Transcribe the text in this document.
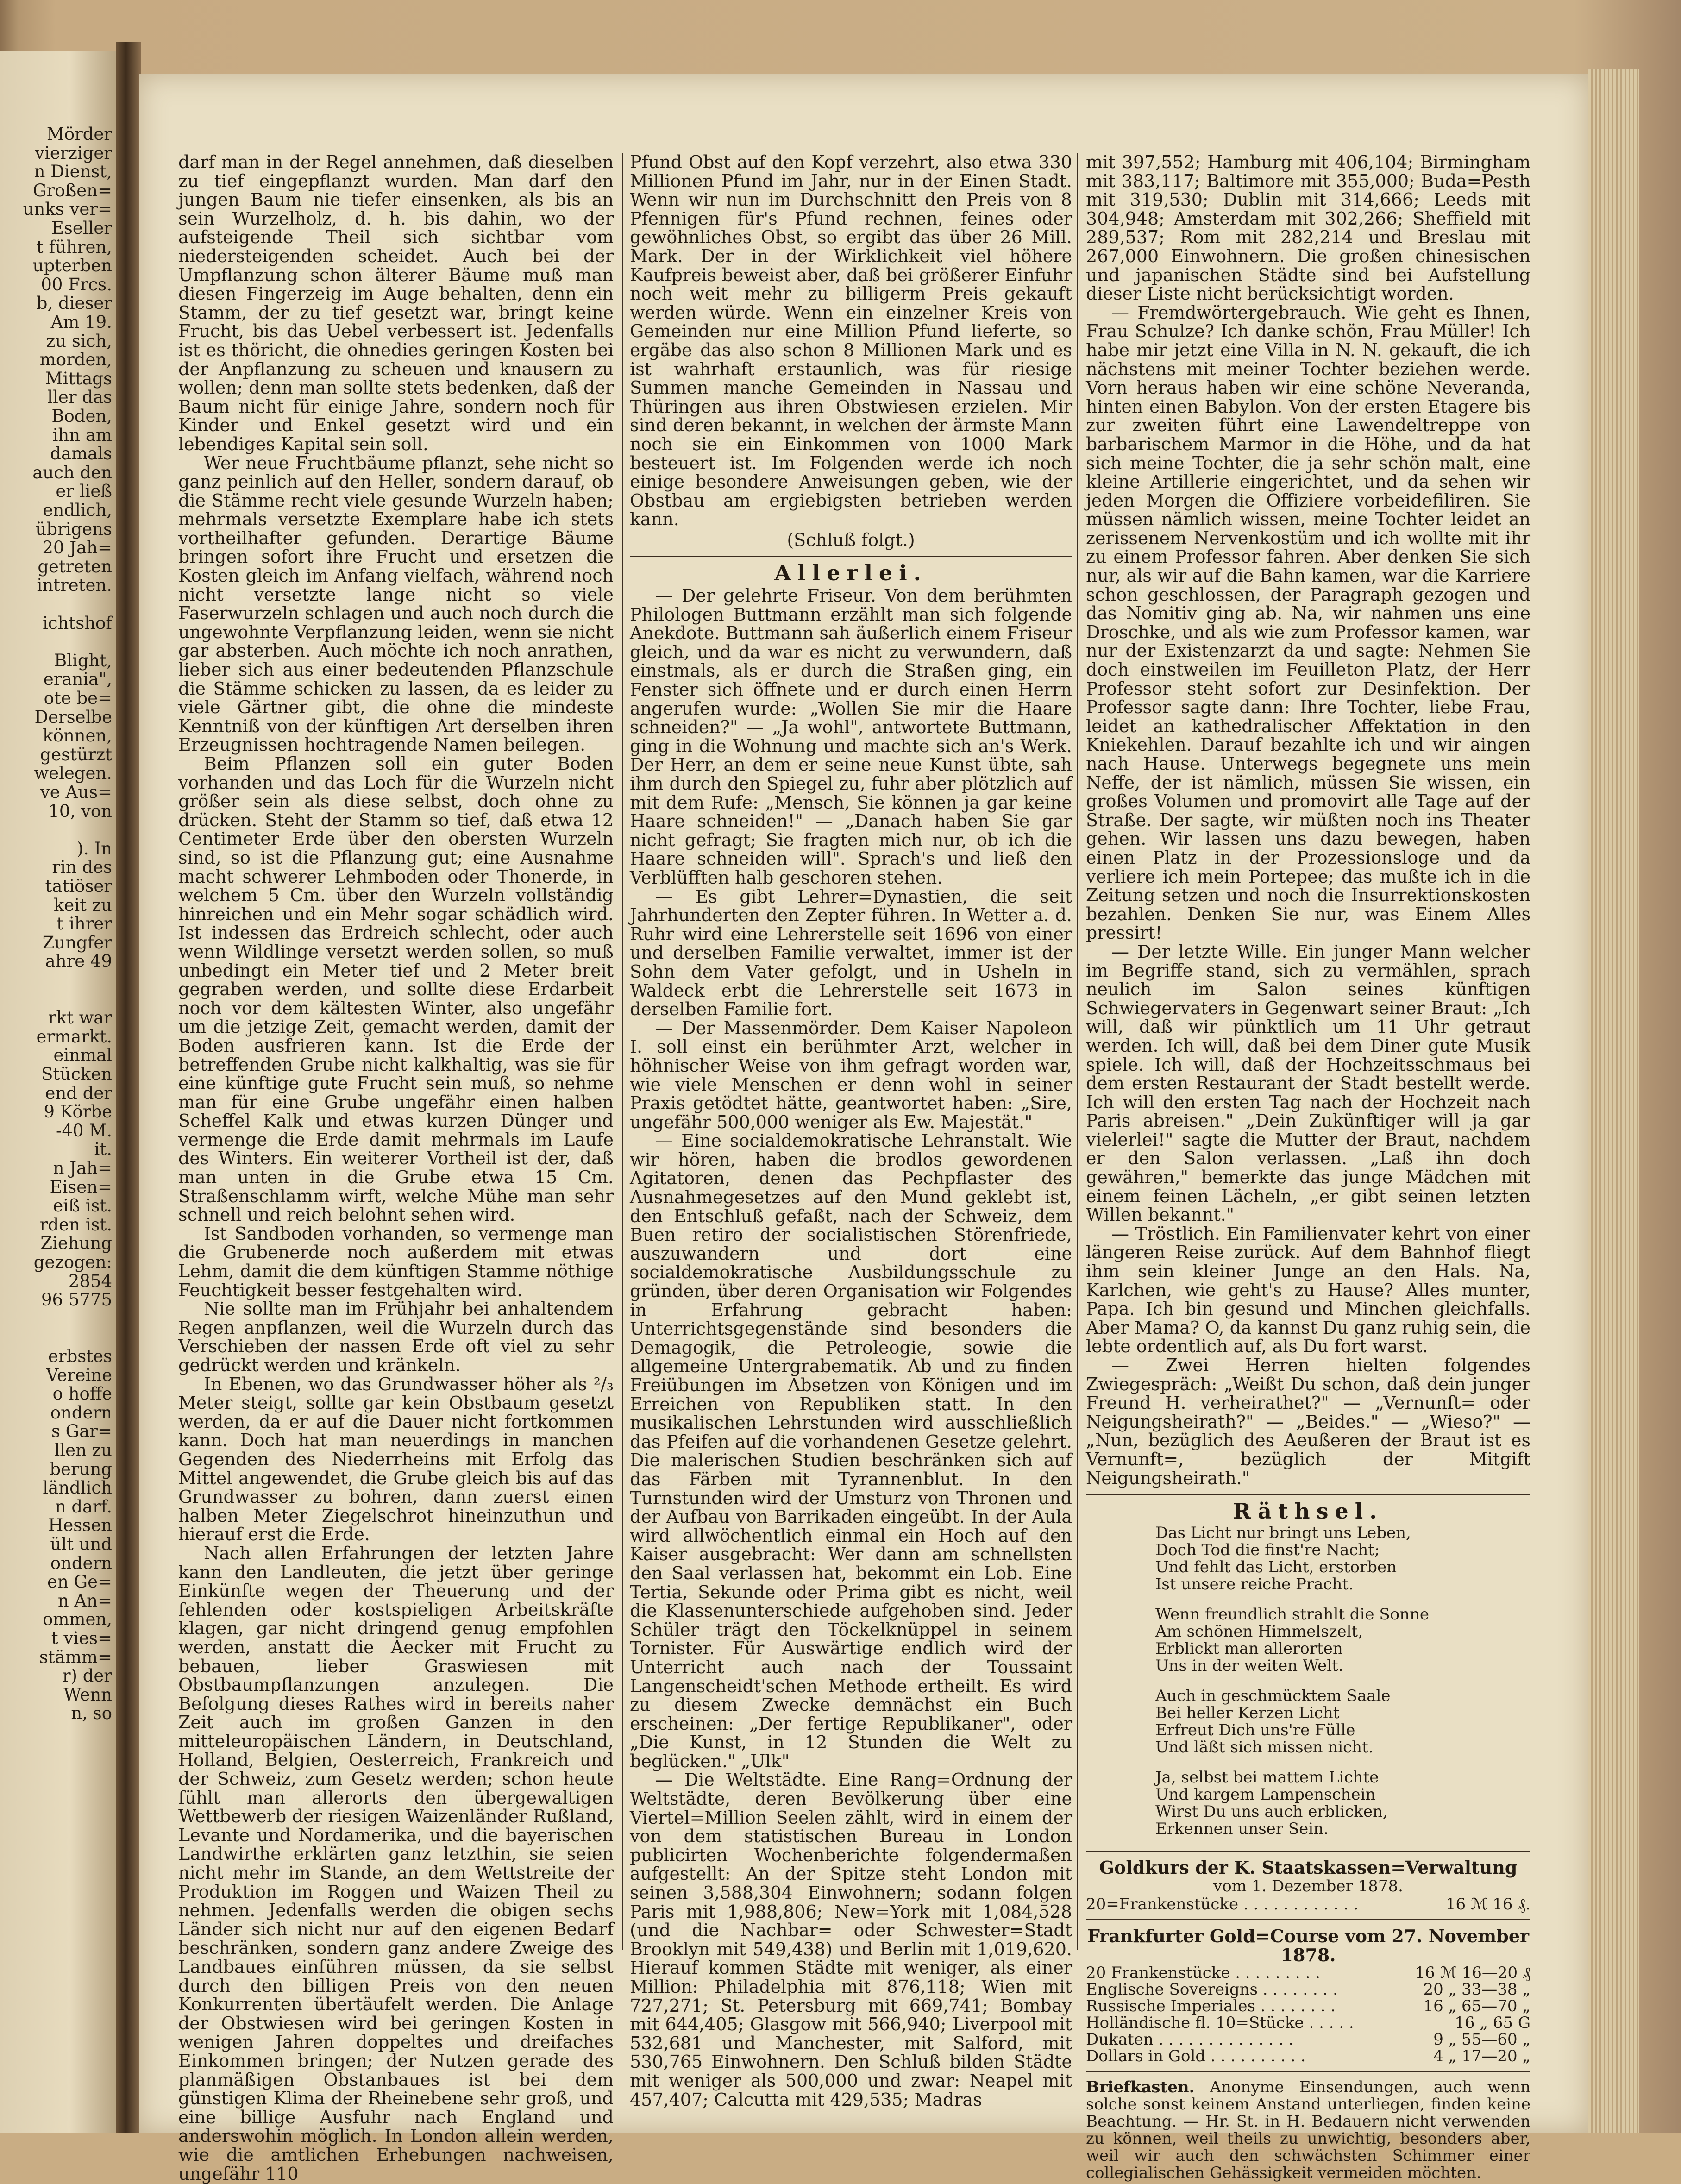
Mörder
vierziger
n Dienst,
Großen=
unks ver=
Eseller
t führen,
upterben
00 Frcs.
b, dieser
Am 19.
zu sich,
morden,
Mittags
ller das
Boden,
ihn am
damals
auch den
er ließ
endlich,
übrigens
20 Jah=
getreten
intreten.
ichtshof
Blight,
erania",
ote be=
Derselbe
können,
gestürzt
welegen.
ve Aus=
10, von
). In
rin des
tatiöser
keit zu
t ihrer
Zungfer
ahre 49
rkt war
ermarkt.
einmal
Stücken
end der
9 Körbe
-40 M.
it.
n Jah=
Eisen=
eiß ist.
rden ist.
Ziehung
gezogen:
2854
96 5775
erbstes
Vereine
o hoffe
ondern
s Gar=
llen zu
berung
ländlich
n darf.
Hessen
ült und
ondern
en Ge=
n An=
ommen,
t vies=
stämm=
r) der
Wenn
n, so

darf man in der Regel annehmen, daß dieselben zu tief eingepflanzt wurden. Man darf den jungen Baum nie tiefer einsenken, als bis an sein Wurzelholz, d. h. bis dahin, wo der aufsteigende Theil sich sichtbar vom niedersteigenden scheidet. Auch bei der Umpflanzung schon älterer Bäume muß man diesen Fingerzeig im Auge behalten, denn ein Stamm, der zu tief gesetzt war, bringt keine Frucht, bis das Uebel verbessert ist. Jedenfalls ist es thöricht, die ohnedies geringen Kosten bei der Anpflanzung zu scheuen und knausern zu wollen; denn man sollte stets bedenken, daß der Baum nicht für einige Jahre, sondern noch für Kinder und Enkel gesetzt wird und ein lebendiges Kapital sein soll.

Wer neue Fruchtbäume pflanzt, sehe nicht so ganz peinlich auf den Heller, sondern darauf, ob die Stämme recht viele gesunde Wurzeln haben; mehrmals versetzte Exemplare habe ich stets vortheilhafter gefunden. Derartige Bäume bringen sofort ihre Frucht und ersetzen die Kosten gleich im Anfang vielfach, während noch nicht versetzte lange nicht so viele Faserwurzeln schlagen und auch noch durch die ungewohnte Verpflanzung leiden, wenn sie nicht gar absterben. Auch möchte ich noch anrathen, lieber sich aus einer bedeutenden Pflanzschule die Stämme schicken zu lassen, da es leider zu viele Gärtner gibt, die ohne die mindeste Kenntniß von der künftigen Art derselben ihren Erzeugnissen hochtragende Namen beilegen.

Beim Pflanzen soll ein guter Boden vorhanden und das Loch für die Wurzeln nicht größer sein als diese selbst, doch ohne zu drücken. Steht der Stamm so tief, daß etwa 12 Centimeter Erde über den obersten Wurzeln sind, so ist die Pflanzung gut; eine Ausnahme macht schwerer Lehmboden oder Thonerde, in welchem 5 Cm. über den Wurzeln vollständig hinreichen und ein Mehr sogar schädlich wird. Ist indessen das Erdreich schlecht, oder auch wenn Wildlinge versetzt werden sollen, so muß unbedingt ein Meter tief und 2 Meter breit gegraben werden, und sollte diese Erdarbeit noch vor dem kältesten Winter, also ungefähr um die jetzige Zeit, gemacht werden, damit der Boden ausfrieren kann. Ist die Erde der betreffenden Grube nicht kalkhaltig, was sie für eine künftige gute Frucht sein muß, so nehme man für eine Grube ungefähr einen halben Scheffel Kalk und etwas kurzen Dünger und vermenge die Erde damit mehrmals im Laufe des Winters. Ein weiterer Vortheil ist der, daß man unten in die Grube etwa 15 Cm. Straßenschlamm wirft, welche Mühe man sehr schnell und reich belohnt sehen wird.

Ist Sandboden vorhanden, so vermenge man die Grubenerde noch außerdem mit etwas Lehm, damit die dem künftigen Stamme nöthige Feuchtigkeit besser festgehalten wird.

Nie sollte man im Frühjahr bei anhaltendem Regen anpflanzen, weil die Wurzeln durch das Verschieben der nassen Erde oft viel zu sehr gedrückt werden und kränkeln.

In Ebenen, wo das Grundwasser höher als ²/₃ Meter steigt, sollte gar kein Obstbaum gesetzt werden, da er auf die Dauer nicht fortkommen kann. Doch hat man neuerdings in manchen Gegenden des Niederrheins mit Erfolg das Mittel angewendet, die Grube gleich bis auf das Grundwasser zu bohren, dann zuerst einen halben Meter Ziegelschrot hineinzuthun und hierauf erst die Erde.

Nach allen Erfahrungen der letzten Jahre kann den Landleuten, die jetzt über geringe Einkünfte wegen der Theuerung und der fehlenden oder kostspieligen Arbeitskräfte klagen, gar nicht dringend genug empfohlen werden, anstatt die Aecker mit Frucht zu bebauen, lieber Graswiesen mit Obstbaumpflanzungen anzulegen. Die Befolgung dieses Rathes wird in bereits naher Zeit auch im großen Ganzen in den mitteleuropäischen Ländern, in Deutschland, Holland, Belgien, Oesterreich, Frankreich und der Schweiz, zum Gesetz werden; schon heute fühlt man allerorts den übergewaltigen Wettbewerb der riesigen Waizenländer Rußland, Levante und Nordamerika, und die bayerischen Landwirthe erklärten ganz letzthin, sie seien nicht mehr im Stande, an dem Wettstreite der Produktion im Roggen und Waizen Theil zu nehmen. Jedenfalls werden die obigen sechs Länder sich nicht nur auf den eigenen Bedarf beschränken, sondern ganz andere Zweige des Landbaues einführen müssen, da sie selbst durch den billigen Preis von den neuen Konkurrenten übertäufelt werden. Die Anlage der Obstwiesen wird bei geringen Kosten in wenigen Jahren doppeltes und dreifaches Einkommen bringen; der Nutzen gerade des planmäßigen Obstanbaues ist bei dem günstigen Klima der Rheinebene sehr groß, und eine billige Ausfuhr nach England und anderswohin möglich. In London allein werden, wie die amtlichen Erhebungen nachweisen, ungefähr 110

Pfund Obst auf den Kopf verzehrt, also etwa 330 Millionen Pfund im Jahr, nur in der Einen Stadt. Wenn wir nun im Durchschnitt den Preis von 8 Pfennigen für's Pfund rechnen, feines oder gewöhnliches Obst, so ergibt das über 26 Mill. Mark. Der in der Wirklichkeit viel höhere Kaufpreis beweist aber, daß bei größerer Einfuhr noch weit mehr zu billigerm Preis gekauft werden würde. Wenn ein einzelner Kreis von Gemeinden nur eine Million Pfund lieferte, so ergäbe das also schon 8 Millionen Mark und es ist wahrhaft erstaunlich, was für riesige Summen manche Gemeinden in Nassau und Thüringen aus ihren Obstwiesen erzielen. Mir sind deren bekannt, in welchen der ärmste Mann noch sie ein Einkommen von 1000 Mark besteuert ist. Im Folgenden werde ich noch einige besondere Anweisungen geben, wie der Obstbau am ergiebigsten betrieben werden kann.

(Schluß folgt.)
Allerlei.

— Der gelehrte Friseur. Von dem berühmten Philologen Buttmann erzählt man sich folgende Anekdote. Buttmann sah äußerlich einem Friseur gleich, und da war es nicht zu verwundern, daß einstmals, als er durch die Straßen ging, ein Fenster sich öffnete und er durch einen Herrn angerufen wurde: „Wollen Sie mir die Haare schneiden?" — „Ja wohl", antwortete Buttmann, ging in die Wohnung und machte sich an's Werk. Der Herr, an dem er seine neue Kunst übte, sah ihm durch den Spiegel zu, fuhr aber plötzlich auf mit dem Rufe: „Mensch, Sie können ja gar keine Haare schneiden!" — „Danach haben Sie gar nicht gefragt; Sie fragten mich nur, ob ich die Haare schneiden will". Sprach's und ließ den Verblüfften halb geschoren stehen.

— Es gibt Lehrer=Dynastien, die seit Jahrhunderten den Zepter führen. In Wetter a. d. Ruhr wird eine Lehrerstelle seit 1696 von einer und derselben Familie verwaltet, immer ist der Sohn dem Vater gefolgt, und in Usheln in Waldeck erbt die Lehrerstelle seit 1673 in derselben Familie fort.

— Der Massenmörder. Dem Kaiser Napoleon I. soll einst ein berühmter Arzt, welcher in höhnischer Weise von ihm gefragt worden war, wie viele Menschen er denn wohl in seiner Praxis getödtet hätte, geantwortet haben: „Sire, ungefähr 500,000 weniger als Ew. Majestät."

— Eine socialdemokratische Lehranstalt. Wie wir hören, haben die brodlos gewordenen Agitatoren, denen das Pechpflaster des Ausnahmegesetzes auf den Mund geklebt ist, den Entschluß gefaßt, nach der Schweiz, dem Buen retiro der socialistischen Störenfriede, auszuwandern und dort eine socialdemokratische Ausbildungsschule zu gründen, über deren Organisation wir Folgendes in Erfahrung gebracht haben: Unterrichtsgegenstände sind besonders die Demagogik, die Petroleogie, sowie die allgemeine Untergrabematik. Ab und zu finden Freiübungen im Absetzen von Königen und im Erreichen von Republiken statt. In den musikalischen Lehrstunden wird ausschließlich das Pfeifen auf die vorhandenen Gesetze gelehrt. Die malerischen Studien beschränken sich auf das Färben mit Tyrannenblut. In den Turnstunden wird der Umsturz von Thronen und der Aufbau von Barrikaden eingeübt. In der Aula wird allwöchentlich einmal ein Hoch auf den Kaiser ausgebracht: Wer dann am schnellsten den Saal verlassen hat, bekommt ein Lob. Eine Tertia, Sekunde oder Prima gibt es nicht, weil die Klassenunterschiede aufgehoben sind. Jeder Schüler trägt den Töckelknüppel in seinem Tornister. Für Auswärtige endlich wird der Unterricht auch nach der Toussaint Langenscheidt'schen Methode ertheilt. Es wird zu diesem Zwecke demnächst ein Buch erscheinen: „Der fertige Republikaner", oder „Die Kunst, in 12 Stunden die Welt zu beglücken." „Ulk"

— Die Weltstädte. Eine Rang=Ordnung der Weltstädte, deren Bevölkerung über eine Viertel=Million Seelen zählt, wird in einem der von dem statistischen Bureau in London publicirten Wochenberichte folgendermaßen aufgestellt: An der Spitze steht London mit seinen 3,588,304 Einwohnern; sodann folgen Paris mit 1,988,806; New=York mit 1,084,528 (und die Nachbar= oder Schwester=Stadt Brooklyn mit 549,438) und Berlin mit 1,019,620. Hierauf kommen Städte mit weniger, als einer Million: Philadelphia mit 876,118; Wien mit 727,271; St. Petersburg mit 669,741; Bombay mit 644,405; Glasgow mit 566,940; Liverpool mit 532,681 und Manchester, mit Salford, mit 530,765 Einwohnern. Den Schluß bilden Städte mit weniger als 500,000 und zwar: Neapel mit 457,407; Calcutta mit 429,535; Madras

mit 397,552; Hamburg mit 406,104; Birmingham mit 383,117; Baltimore mit 355,000; Buda=Pesth mit 319,530; Dublin mit 314,666; Leeds mit 304,948; Amsterdam mit 302,266; Sheffield mit 289,537; Rom mit 282,214 und Breslau mit 267,000 Einwohnern. Die großen chinesischen und japanischen Städte sind bei Aufstellung dieser Liste nicht berücksichtigt worden.

— Fremdwörtergebrauch. Wie geht es Ihnen, Frau Schulze? Ich danke schön, Frau Müller! Ich habe mir jetzt eine Villa in N. N. gekauft, die ich nächstens mit meiner Tochter beziehen werde. Vorn heraus haben wir eine schöne Neveranda, hinten einen Babylon. Von der ersten Etagere bis zur zweiten führt eine Lawendeltreppe von barbarischem Marmor in die Höhe, und da hat sich meine Tochter, die ja sehr schön malt, eine kleine Artillerie eingerichtet, und da sehen wir jeden Morgen die Offiziere vorbeidefiliren. Sie müssen nämlich wissen, meine Tochter leidet an zerissenem Nervenkostüm und ich wollte mit ihr zu einem Professor fahren. Aber denken Sie sich nur, als wir auf die Bahn kamen, war die Karriere schon geschlossen, der Paragraph gezogen und das Nomitiv ging ab. Na, wir nahmen uns eine Droschke, und als wie zum Professor kamen, war nur der Existenzarzt da und sagte: Nehmen Sie doch einstweilen im Feuilleton Platz, der Herr Professor steht sofort zur Desinfektion. Der Professor sagte dann: Ihre Tochter, liebe Frau, leidet an kathedralischer Affektation in den Kniekehlen. Darauf bezahlte ich und wir aingen nach Hause. Unterwegs begegnete uns mein Neffe, der ist nämlich, müssen Sie wissen, ein großes Volumen und promovirt alle Tage auf der Straße. Der sagte, wir müßten noch ins Theater gehen. Wir lassen uns dazu bewegen, haben einen Platz in der Prozessionsloge und da verliere ich mein Portepee; das mußte ich in die Zeitung setzen und noch die Insurrektionskosten bezahlen. Denken Sie nur, was Einem Alles pressirt!

— Der letzte Wille. Ein junger Mann welcher im Begriffe stand, sich zu vermählen, sprach neulich im Salon seines künftigen Schwiegervaters in Gegenwart seiner Braut: „Ich will, daß wir pünktlich um 11 Uhr getraut werden. Ich will, daß bei dem Diner gute Musik spiele. Ich will, daß der Hochzeitsschmaus bei dem ersten Restaurant der Stadt bestellt werde. Ich will den ersten Tag nach der Hochzeit nach Paris abreisen." „Dein Zukünftiger will ja gar vielerlei!" sagte die Mutter der Braut, nachdem er den Salon verlassen. „Laß ihn doch gewähren," bemerkte das junge Mädchen mit einem feinen Lächeln, „er gibt seinen letzten Willen bekannt."

— Tröstlich. Ein Familienvater kehrt von einer längeren Reise zurück. Auf dem Bahnhof fliegt ihm sein kleiner Junge an den Hals. Na, Karlchen, wie geht's zu Hause? Alles munter, Papa. Ich bin gesund und Minchen gleichfalls. Aber Mama? O, da kannst Du ganz ruhig sein, die lebte ordentlich auf, als Du fort warst.

— Zwei Herren hielten folgendes Zwiegespräch: „Weißt Du schon, daß dein junger Freund H. verheirathet?" — „Vernunft= oder Neigungsheirath?" — „Beides." — „Wieso?" — „Nun, bezüglich des Aeußeren der Braut ist es Vernunft=, bezüglich der Mitgift Neigungsheirath."

Räthsel.
Das Licht nur bringt uns Leben,
Doch Tod die finst're Nacht;
Und fehlt das Licht, erstorben
Ist unsere reiche Pracht.
Wenn freundlich strahlt die Sonne
Am schönen Himmelszelt,
Erblickt man allerorten
Uns in der weiten Welt.
Auch in geschmücktem Saale
Bei heller Kerzen Licht
Erfreut Dich uns're Fülle
Und läßt sich missen nicht.
Ja, selbst bei mattem Lichte
Und kargem Lampenschein
Wirst Du uns auch erblicken,
Erkennen unser Sein.
Goldkurs der K. Staatskassen=Verwaltung
vom 1. Dezember 1878.
20=Frankenstücke . . . . . . . . . . . .	16 ℳ 16 ₰.
Frankfurter Gold=Course vom 27. November 1878.
20 Frankenstücke . . . . . . . . .	16 ℳ 16—20 ₰
Englische Sovereigns . . . . . . . .	20 „ 33—38 „
Russische Imperiales . . . . . . . .	16 „ 65—70 „
Holländische fl. 10=Stücke . . . . .	16 „ 65 G
Dukaten . . . . . . . . . . . . . .	9 „ 55—60 „
Dollars in Gold . . . . . . . . . .	4 „ 17—20 „
Briefkasten. Anonyme Einsendungen, auch wenn solche sonst keinem Anstand unterliegen, finden keine Beachtung. — Hr. St. in H. Bedauern nicht verwenden zu können, weil theils zu unwichtig, besonders aber, weil wir auch den schwächsten Schimmer einer collegialischen Gehässigkeit vermeiden möchten.
